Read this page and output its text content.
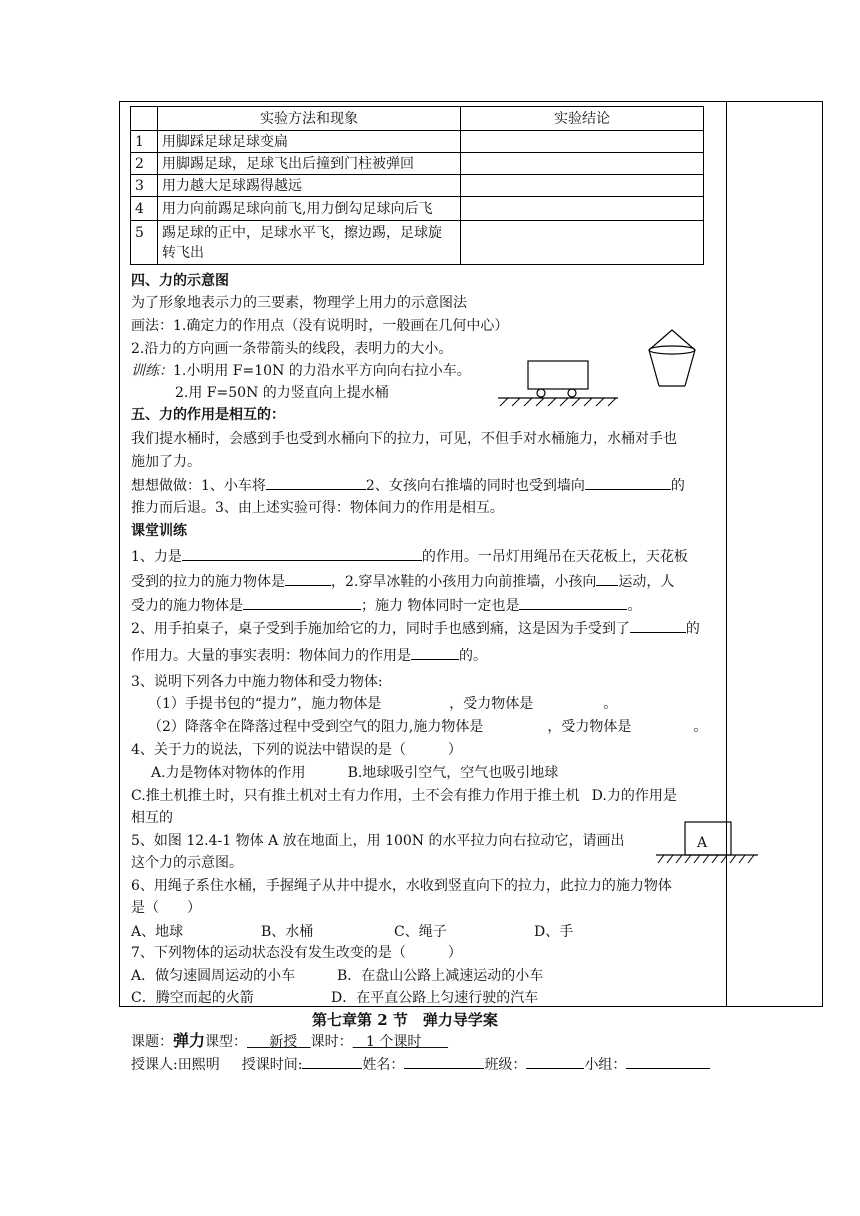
	实验方法和现象	实验结论
1	用脚踩足球足球变扁	
2	用脚踢足球，足球飞出后撞到门柱被弹回	
3	用力越大足球踢得越远	
4	用力向前踢足球向前飞,用力倒勾足球向后飞	
5	踢足球的正中，足球水平飞，擦边踢，足球旋
转飞出	

四、力的示意图
为了形象地表示力的三要素，物理学上用力的示意图法
画法：1.确定力的作用点（没有说明时，一般画在几何中心）
2.沿力的方向画一条带箭头的线段，表明力的大小。
训练：1.小明用 F=10N 的力沿水平方向向右拉小车。
2.用 F=50N 的力竖直向上提水桶
五、力的作用是相互的：
我们提水桶时，会感到手也受到水桶向下的拉力，可见，不但手对水桶施力，水桶对手也
施加了力。
想想做做：1、小车将	2、女孩向右推墙的同时也受到墙向	的
推力而后退。3、由上述实验可得：物体间力的作用是相互。
课堂训练
1、力是	的作用。一吊灯用绳吊在天花板上，天花板
受到的拉力的施力物体是	，2.穿旱冰鞋的小孩用力向前推墙，小孩向 运动，人
受力的施力物体是	；施力 物体同时一定也是	。
2、用手拍桌子，桌子受到手施加给它的力，同时手也感到痛，这是因为手受到了	的
作用力。大量的事实表明：物体间力的作用是	的。
3、说明下列各力中施力物体和受力物体:
（1）手提书包的“提力”，施力物体是	，受力物体是	。
（2）降落伞在降落过程中受到空气的阻力,施力物体是	，受力物体是	。
4、关于力的说法，下列的说法中错误的是（	）
A.力是物体对物体的作用	B.地球吸引空气，空气也吸引地球
C.推土机推土时，只有推土机对土有力作用，土不会有推力作用于推土机 D.力的作用是
相互的
5、如图 12.4-1 物体 A 放在地面上，用 100N 的水平拉力向右拉动它，请画出
这个力的示意图。
A
6、用绳子系住水桶，手握绳子从井中提水，水收到竖直向下的拉力，此拉力的施力物体
是（ ）
A、地球	B、水桶	C、绳子	D、手
7、下列物体的运动状态没有发生改变的是（	）
A．做匀速圆周运动的小车	B．在盘山公路上减速运动的小车
C．腾空而起的火箭	D．在平直公路上匀速行驶的汽车
第七章第 2 节　弹力导学案
课题：弹力课型： 新授 课时： 1 个课时
授课人:田熙明 授课时间:	姓名：	班级：	小组：
